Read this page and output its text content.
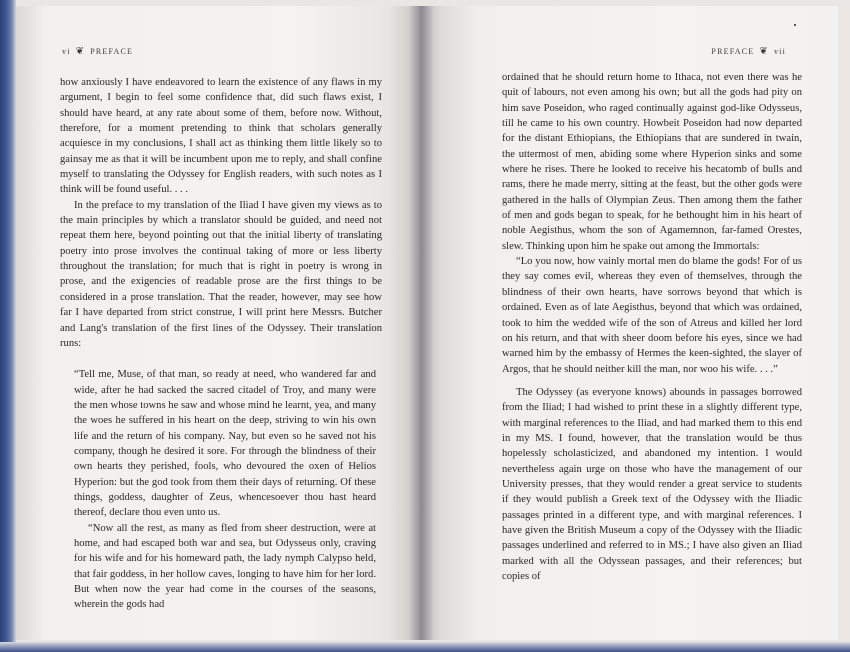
vi ❦ PREFACE

how anxiously I have endeavored to learn the existence of any flaws in my argument, I begin to feel some confidence that, did such flaws exist, I should have heard, at any rate about some of them, before now. Without, therefore, for a moment pretending to think that scholars generally acquiesce in my conclusions, I shall act as thinking them little likely so to gainsay me as that it will be incumbent upon me to reply, and shall confine myself to translating the Odyssey for English readers, with such notes as I think will be found useful. . . .

In the preface to my translation of the Iliad I have given my views as to the main principles by which a translator should be guided, and need not repeat them here, beyond pointing out that the initial liberty of translating poetry into prose involves the continual taking of more or less liberty throughout the translation; for much that is right in poetry is wrong in prose, and the exigencies of readable prose are the first things to be considered in a prose translation. That the reader, however, may see how far I have departed from strict construe, I will print here Messrs. Butcher and Lang's translation of the first lines of the Odyssey. Their translation runs:

“Tell me, Muse, of that man, so ready at need, who wandered far and wide, after he had sacked the sacred citadel of Troy, and many were the men whose towns he saw and whose mind he learnt, yea, and many the woes he suffered in his heart on the deep, striving to win his own life and the return of his company. Nay, but even so he saved not his company, though he desired it sore. For through the blindness of their own hearts they perished, fools, who devoured the oxen of Helios Hyperion: but the god took from them their days of returning. Of these things, goddess, daughter of Zeus, whencesoever thou hast heard thereof, declare thou even unto us.

“Now all the rest, as many as fled from sheer destruction, were at home, and had escaped both war and sea, but Odysseus only, craving for his wife and for his homeward path, the lady nymph Calypso held, that fair goddess, in her hollow caves, longing to have him for her lord. But when now the year had come in the courses of the seasons, wherein the gods had

PREFACE ❦ vii

ordained that he should return home to Ithaca, not even there was he quit of labours, not even among his own; but all the gods had pity on him save Poseidon, who raged continually against god-like Odysseus, till he came to his own country. Howbeit Poseidon had now departed for the distant Ethiopians, the Ethiopians that are sundered in twain, the uttermost of men, abiding some where Hyperion sinks and some where he rises. There he looked to receive his hecatomb of bulls and rams, there he made merry, sitting at the feast, but the other gods were gathered in the halls of Olympian Zeus. Then among them the father of men and gods began to speak, for he bethought him in his heart of noble Aegisthus, whom the son of Agamemnon, far-famed Orestes, slew. Thinking upon him he spake out among the Immortals:

“Lo you now, how vainly mortal men do blame the gods! For of us they say comes evil, whereas they even of themselves, through the blindness of their own hearts, have sorrows beyond that which is ordained. Even as of late Aegisthus, beyond that which was ordained, took to him the wedded wife of the son of Atreus and killed her lord on his return, and that with sheer doom before his eyes, since we had warned him by the embassy of Hermes the keen-sighted, the slayer of Argos, that he should neither kill the man, nor woo his wife. . . .”

The Odyssey (as everyone knows) abounds in passages borrowed from the Iliad; I had wished to print these in a slightly different type, with marginal references to the Iliad, and had marked them to this end in my MS. I found, however, that the translation would be thus hopelessly scholasticized, and abandoned my intention. I would nevertheless again urge on those who have the management of our University presses, that they would render a great service to students if they would publish a Greek text of the Odyssey with the Iliadic passages printed in a different type, and with marginal references. I have given the British Museum a copy of the Odyssey with the Iliadic passages underlined and referred to in MS.; I have also given an Iliad marked with all the Odyssean passages, and their references; but copies of
